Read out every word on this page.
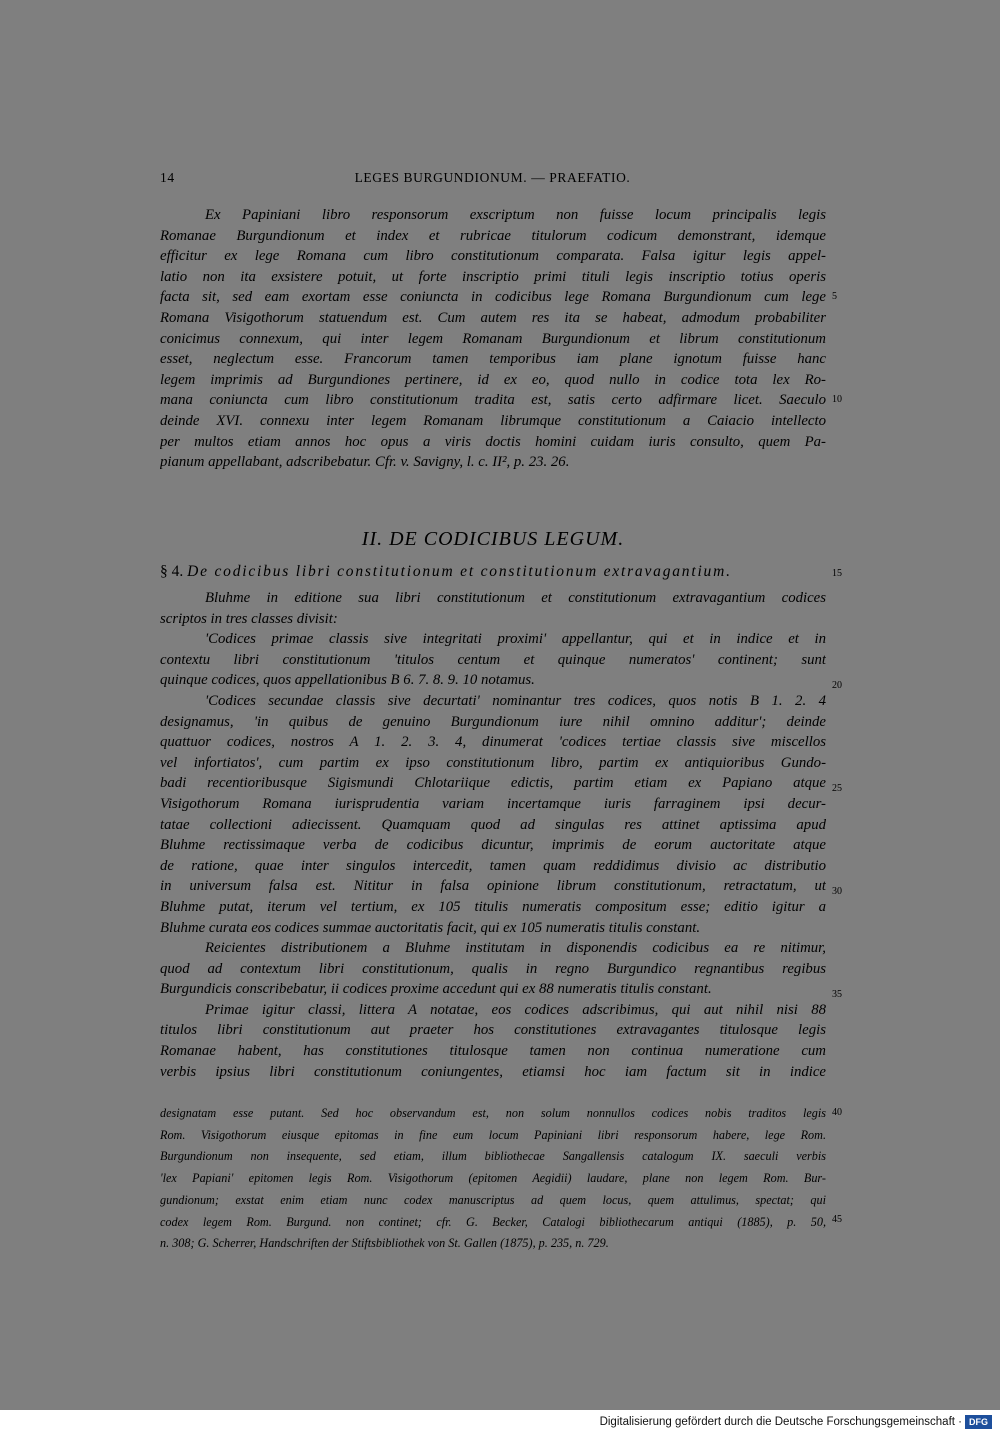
14	LEGES BURGUNDIONUM. — PRAEFATIO.
Ex Papiniani libro responsorum exscriptum non fuisse locum principalis legis
Romanae Burgundionum et index et rubricae titulorum codicum demonstrant, idemque
efficitur ex lege Romana cum libro constitutionum comparata. Falsa igitur legis appel-
latio non ita exsistere potuit, ut forte inscriptio primi tituli legis inscriptio totius operis
facta sit, sed eam exortam esse coniuncta in codicibus lege Romana Burgundionum cum lege
Romana Visigothorum statuendum est. Cum autem res ita se habeat, admodum probabiliter
conicimus connexum, qui inter legem Romanam Burgundionum et librum constitutionum
esset, neglectum esse. Francorum tamen temporibus iam plane ignotum fuisse hanc
legem imprimis ad Burgundiones pertinere, id ex eo, quod nullo in codice tota lex Ro-
mana coniuncta cum libro constitutionum tradita est, satis certo adfirmare licet. Saeculo
deinde XVI. connexu inter legem Romanam librumque constitutionum a Caiacio intellecto
per multos etiam annos hoc opus a viris doctis homini cuidam iuris consulto, quem Pa-
pianum appellabant, adscribebatur. Cfr. v. Savigny, l. c. II², p. 23. 26.
5
10
II. DE CODICIBUS LEGUM.
§ 4. De codicibus libri constitutionum et constitutionum extravagantium.	15
Bluhme in editione sua libri constitutionum et constitutionum extravagantium codices
scriptos in tres classes divisit:
'Codices primae classis sive integritati proximi' appellantur, qui et in indice et in
contextu libri constitutionum 'titulos centum et quinque numeratos' continent; sunt
quinque codices, quos appellationibus B 6. 7. 8. 9. 10 notamus.
'Codices secundae classis sive decurtati' nominantur tres codices, quos notis B 1. 2. 4
designamus, 'in quibus de genuino Burgundionum iure nihil omnino additur'; deinde
quattuor codices, nostros A 1. 2. 3. 4, dinumerat 'codices tertiae classis sive miscellos
vel infortiatos', cum partim ex ipso constitutionum libro, partim ex antiquioribus Gundo-
badi recentioribusque Sigismundi Chlotariique edictis, partim etiam ex Papiano atque
Visigothorum Romana iurisprudentia variam incertamque iuris farraginem ipsi decur-
tatae collectioni adiecissent. Quamquam quod ad singulas res attinet aptissima apud
Bluhme rectissimaque verba de codicibus dicuntur, imprimis de eorum auctoritate atque
de ratione, quae inter singulos intercedit, tamen quam reddidimus divisio ac distributio
in universum falsa est. Nititur in falsa opinione librum constitutionum, retractatum, ut
Bluhme putat, iterum vel tertium, ex 105 titulis numeratis compositum esse; editio igitur a
Bluhme curata eos codices summae auctoritatis facit, qui ex 105 numeratis titulis constant.
Reicientes distributionem a Bluhme institutam in disponendis codicibus ea re nitimur,
quod ad contextum libri constitutionum, qualis in regno Burgundico regnantibus regibus
Burgundicis conscribebatur, ii codices proxime accedunt qui ex 88 numeratis titulis constant.
Primae igitur classi, littera A notatae, eos codices adscribimus, qui aut nihil nisi 88
titulos libri constitutionum aut praeter hos constitutiones extravagantes titulosque legis
Romanae habent, has constitutiones titulosque tamen non continua numeratione cum
verbis ipsius libri constitutionum coniungentes, etiamsi hoc iam factum sit in indice
20
25
30
35
designatam esse putant. Sed hoc observandum est, non solum nonnullos codices nobis traditos legis
Rom. Visigothorum eiusque epitomas in fine eum locum Papiniani libri responsorum habere, lege Rom.
Burgundionum non insequente, sed etiam, illum bibliothecae Sangallensis catalogum IX. saeculi verbis
'lex Papiani' epitomen legis Rom. Visigothorum (epitomen Aegidii) laudare, plane non legem Rom. Bur-
gundionum; exstat enim etiam nunc codex manuscriptus ad quem locus, quem attulimus, spectat; qui
codex legem Rom. Burgund. non continet; cfr. G. Becker, Catalogi bibliothecarum antiqui (1885), p. 50,
n. 308; G. Scherrer, Handschriften der Stiftsbibliothek von St. Gallen (1875), p. 235, n. 729.
40
45
Digitalisierung gefördert durch die Deutsche Forschungsgemeinschaft · DFG
